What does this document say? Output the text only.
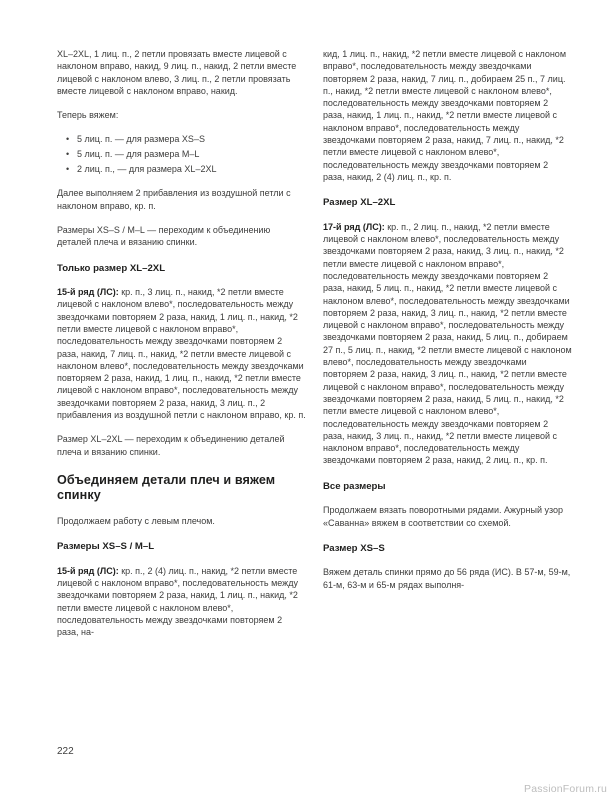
XL–2XL, 1 лиц. п., 2 петли провязать вместе лицевой с наклоном вправо, накид, 9 лиц. п., накид, 2 петли вместе лицевой с наклоном влево, 3 лиц. п., 2 петли провязать вместе лицевой с наклоном вправо, накид.

Теперь вяжем:

• 5 лиц. п. — для размера XS–S
• 5 лиц. п. — для размера M–L
• 2 лиц. п., — для размера XL–2XL

Далее выполняем 2 прибавления из воздушной петли с наклоном вправо, кр. п.

Размеры XS–S / M–L — переходим к объединению деталей плеча и вязанию спинки.

Только размер XL–2XL

15-й ряд (ЛС): кр. п., 3 лиц. п., накид, *2 петли вместе лицевой с наклоном влево*, последовательность между звездочками повторяем 2 раза, накид, 1 лиц. п., накид, *2 петли вместе лицевой с наклоном вправо*, последовательность между звездочками повторяем 2 раза, накид, 7 лиц. п., накид, *2 петли вместе лицевой с наклоном влево*, последовательность между звездочками повторяем 2 раза, накид, 1 лиц. п., накид, *2 петли вместе лицевой с наклоном вправо*, последовательность между звездочками повторяем 2 раза, накид, 3 лиц. п., 2 прибавления из воздушной петли с наклоном вправо, кр. п.

Размер XL–2XL — переходим к объединению деталей плеча и вязанию спинки.

Объединяем детали плеч и вяжем спинку

Продолжаем работу с левым плечом.

Размеры XS–S / M–L

15-й ряд (ЛС): кр. п., 2 (4) лиц. п., накид, *2 петли вместе лицевой с наклоном вправо*, последовательность между звездочками повторяем 2 раза, накид, 1 лиц. п., накид, *2 петли вместе лицевой с наклоном влево*, последовательность между звездочками повторяем 2 раза, на-

кид, 1 лиц. п., накид, *2 петли вместе лицевой с наклоном вправо*, последовательность между звездочками повторяем 2 раза, накид, 7 лиц. п., добираем 25 п., 7 лиц. п., накид, *2 петли вместе лицевой с наклоном влево*, последовательность между звездочками повторяем 2 раза, накид, 1 лиц. п., накид, *2 петли вместе лицевой с наклоном вправо*, последовательность между звездочками повторяем 2 раза, накид, 7 лиц. п., накид, *2 петли вместе лицевой с наклоном влево*, последовательность между звездочками повторяем 2 раза, накид, 2 (4) лиц. п., кр. п.

Размер XL–2XL

17-й ряд (ЛС): кр. п., 2 лиц. п., накид, *2 петли вместе лицевой с наклоном влево*, последовательность между звездочками повторяем 2 раза, накид, 3 лиц. п., накид, *2 петли вместе лицевой с наклоном вправо*, последовательность между звездочками повторяем 2 раза, накид, 5 лиц. п., накид, *2 петли вместе лицевой с наклоном влево*, последовательность между звездочками повторяем 2 раза, накид, 3 лиц. п., накид, *2 петли вместе лицевой с наклоном вправо*, последовательность между звездочками повторяем 2 раза, накид, 5 лиц. п., добираем 27 п., 5 лиц. п., накид, *2 петли вместе лицевой с наклоном влево*, последовательность между звездочками повторяем 2 раза, накид, 3 лиц. п., накид, *2 петли вместе лицевой с наклоном вправо*, последовательность между звездочками повторяем 2 раза, накид, 5 лиц. п., накид, *2 петли вместе лицевой с наклоном влево*, последовательность между звездочками повторяем 2 раза, накид, 3 лиц. п., накид, *2 петли вместе лицевой с наклоном вправо*, последовательность между звездочками повторяем 2 раза, накид, 2 лиц. п., кр. п.

Все размеры

Продолжаем вязать поворотными рядами. Ажурный узор «Саванна» вяжем в соответствии со схемой.

Размер XS–S

Вяжем деталь спинки прямо до 56 ряда (ИС). В 57-м, 59-м, 61-м, 63-м и 65-м рядах выполня-

222
PassionForum.ru
